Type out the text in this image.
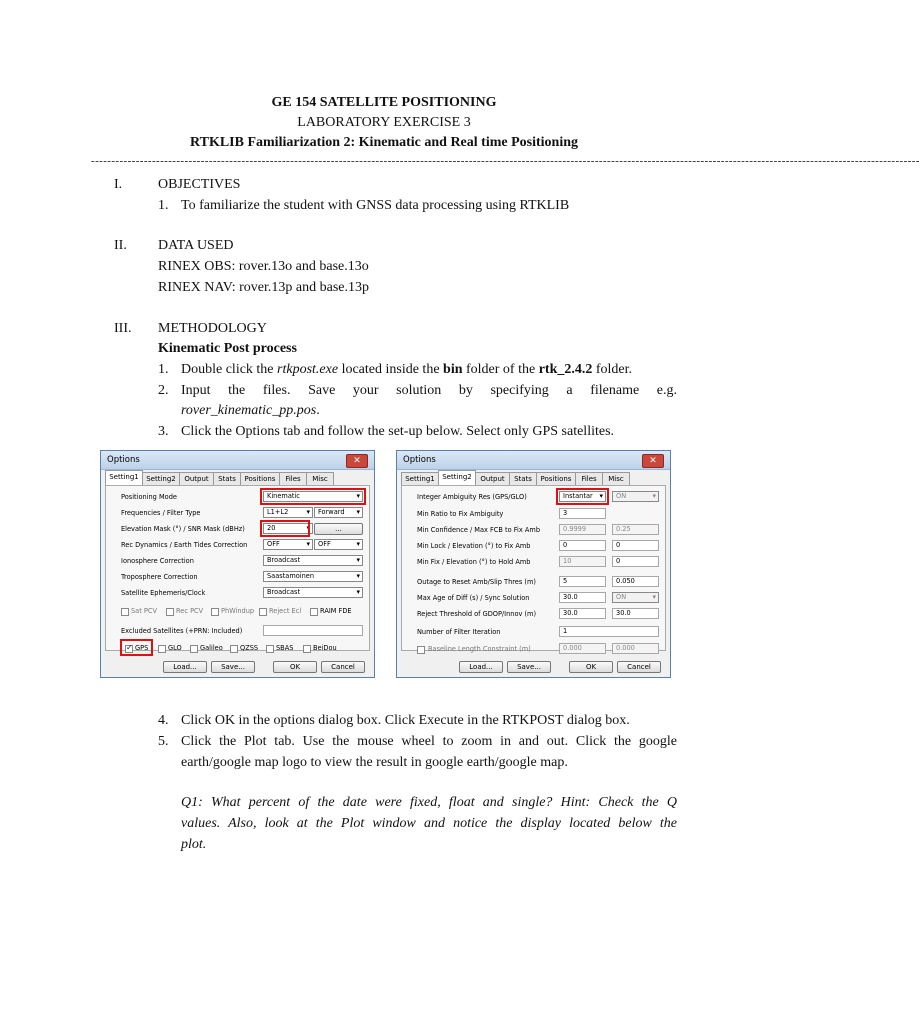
GE 154 SATELLITE POSITIONING
LABORATORY EXERCISE 3
RTKLIB Familiarization 2: Kinematic and Real time Positioning
------------------------------------------------------------------------------------------------------------------------------------------------------------------------------------------------------------
I.	OBJECTIVES
1. To familiarize the student with GNSS data processing using RTKLIB
II. DATA USED
RINEX OBS: rover.13o and base.13o
RINEX NAV: rover.13p and base.13p
III. METHODOLOGY
Kinematic Post process
1. Double click the rtkpost.exe located inside the bin folder of the rtk_2.4.2 folder.
2. Input the files. Save your solution by specifying a filename e.g.
rover_kinematic_pp.pos.
3. Click the Options tab and follow the set-up below. Select only GPS satellites.
Options	✕
Setting1	Setting2	Output	Stats	Positions	Files	Misc
Positioning Mode	Kinematic ▾
Frequencies / Filter Type	L1+L2 ▾	Forward ▾
Elevation Mask (°) / SNR Mask (dBHz)	20 ▾	...
Rec Dynamics / Earth Tides Correction	OFF ▾	OFF ▾
Ionosphere Correction	Broadcast ▾
Troposphere Correction	Saastamoinen ▾
Satellite Ephemeris/Clock	Broadcast ▾
Sat PCV	Rec PCV	PhWindup Reject Ecl	RAIM FDE
Excluded Satellites (+PRN: Included)
✓
GPS	GLO	Galileo	QZSS	SBAS	BeiDou
Load...	Save...	OK	Cancel
Options	✕
Setting1	Setting2	Output	Stats	Positions	Files	Misc
Integer Ambiguity Res (GPS/GLO)	Instantar ▾	ON ▾
Min Ratio to Fix Ambiguity	3
Min Confidence / Max FCB to Fix Amb	0.9999	0.25
Min Lock / Elevation (°) to Fix Amb	0	0
Min Fix / Elevation (°) to Hold Amb	10	0
Outage to Reset Amb/Slip Thres (m)	5	0.050
Max Age of Diff (s) / Sync Solution	30.0	ON ▾
Reject Threshold of GDOP/Innov (m)	30.0	30.0
Number of Filter Iteration	1
Baseline Length Constraint (m)	0.000	0.000
Load...	Save...	OK	Cancel
4. Click OK in the options dialog box. Click Execute in the RTKPOST dialog box.
5. Click the Plot tab. Use the mouse wheel to zoom in and out. Click the google
earth/google map logo to view the result in google earth/google map.
Q1: What percent of the date were fixed, float and single? Hint: Check the Q
values. Also, look at the Plot window and notice the display located below the
plot.
